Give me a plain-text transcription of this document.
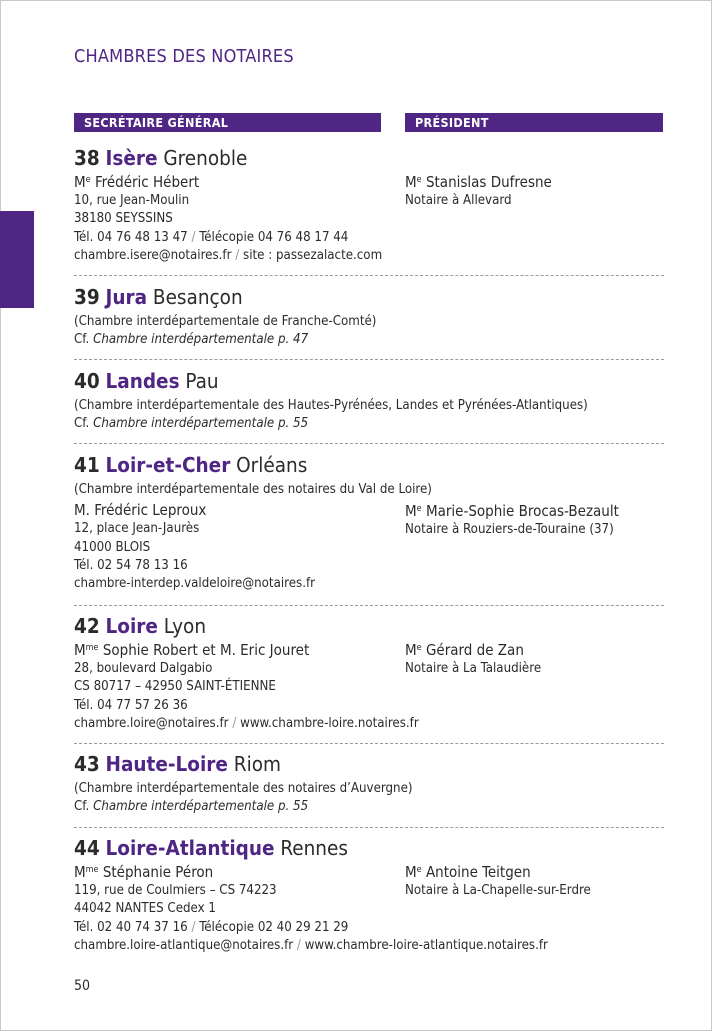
CHAMBRES DES NOTAIRES
SECRÉTAIRE GÉNÉRAL	PRÉSIDENT
38 Isère Grenoble
Me Frédéric Hébert
10, rue Jean-Moulin
38180 SEYSSINS
Tél. 04 76 48 13 47 / Télécopie 04 76 48 17 44
chambre.isere@notaires.fr / site : passezalacte.com
Me Stanislas Dufresne
Notaire à Allevard
39 Jura Besançon
(Chambre interdépartementale de Franche-Comté)
Cf. Chambre interdépartementale p. 47
40 Landes Pau
(Chambre interdépartementale des Hautes-Pyrénées, Landes et Pyrénées-Atlantiques)
Cf. Chambre interdépartementale p. 55
41 Loir-et-Cher Orléans
(Chambre interdépartementale des notaires du Val de Loire)
M. Frédéric Leproux
12, place Jean-Jaurès
41000 BLOIS
Tél. 02 54 78 13 16
chambre-interdep.valdeloire@notaires.fr
Me Marie-Sophie Brocas-Bezault
Notaire à Rouziers-de-Touraine (37)
42 Loire Lyon
$M^{me}$ Sophie Robert et M. Eric Jouret
28, boulevard Dalgabio
CS 80717 – 42950 SAINT-ÉTIENNE
Tél. 04 77 57 26 36
chambre.loire@notaires.fr / www.chambre-loire.notaires.fr
Me Gérard de Zan
Notaire à La Talaudière
43 Haute-Loire Riom
(Chambre interdépartementale des notaires d’Auvergne)
Cf. Chambre interdépartementale p. 55
44 Loire-Atlantique Rennes
$M^{me}$ Stéphanie Péron
119, rue de Coulmiers – CS 74223
44042 NANTES Cedex 1
Tél. 02 40 74 37 16 / Télécopie 02 40 29 21 29
chambre.loire-atlantique@notaires.fr / www.chambre-loire-atlantique.notaires.fr
Me Antoine Teitgen
Notaire à La-Chapelle-sur-Erdre
50
